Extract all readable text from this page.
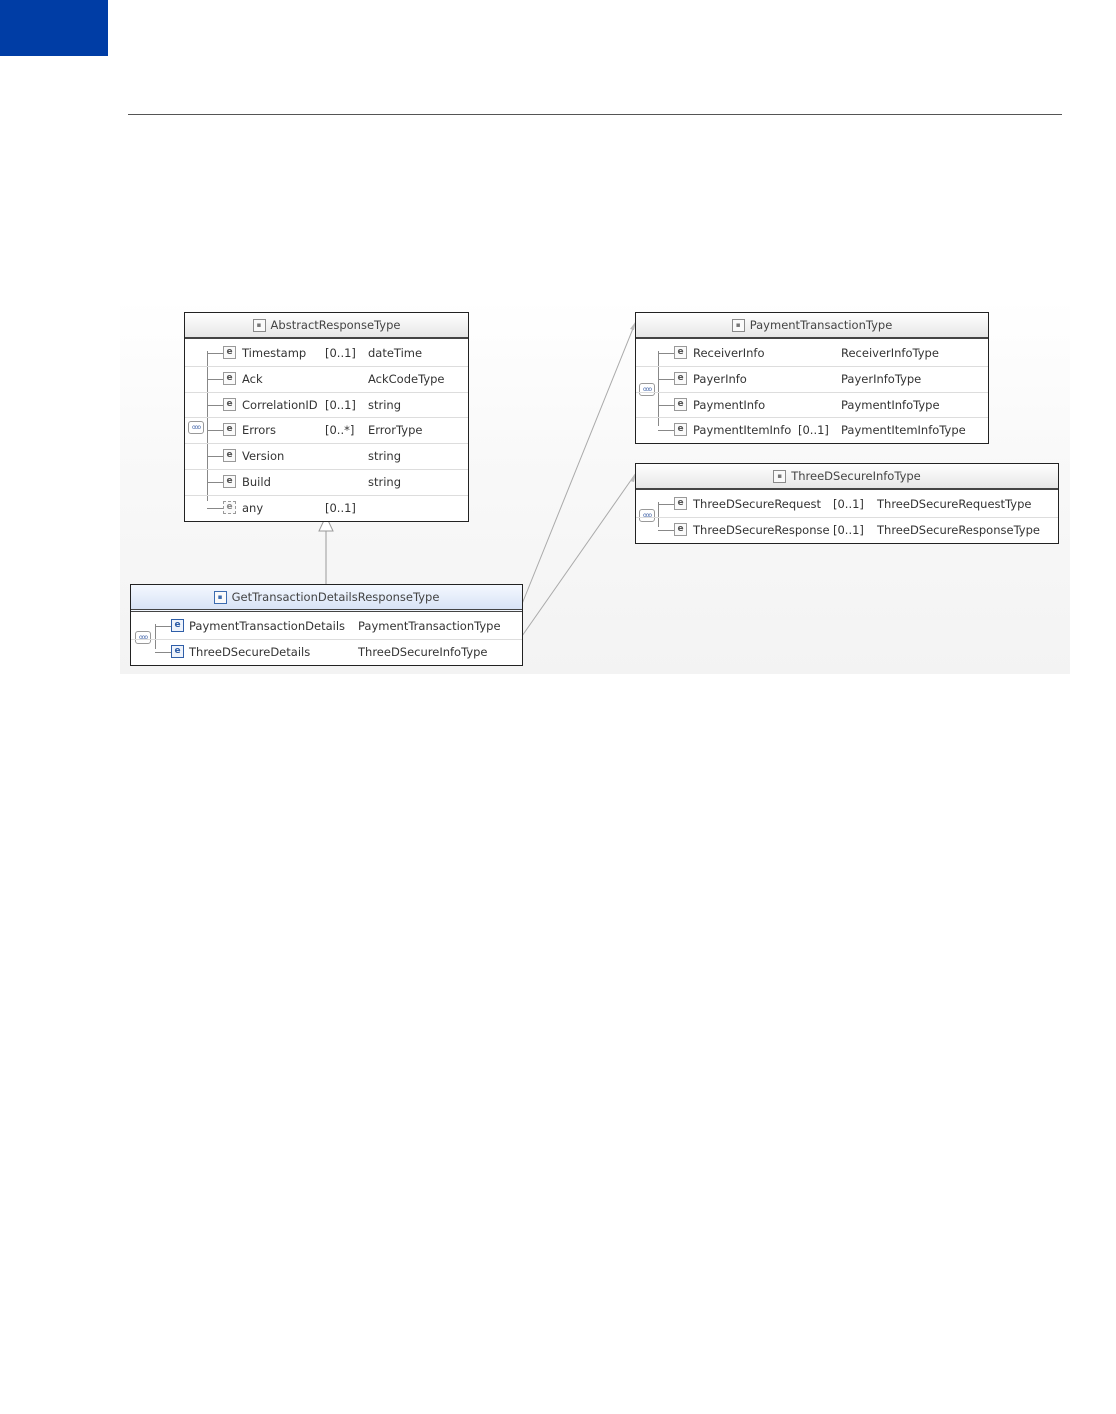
▪ AbstractResponseType
ooo
e Timestamp [0..1] dateTime
e Ack	AckCodeType
e CorrelationID [0..1] string
e Errors	[0..*] ErrorType
e Version	string
e Build	string
e any	[0..1]
▪ PaymentTransactionType
ooo
e ReceiverInfo	ReceiverInfoType
e PayerInfo	PayerInfoType
e PaymentInfo	PaymentInfoType
e PaymentItemInfo [0..1] PaymentItemInfoType
▪ ThreeDSecureInfoType
ooo
e ThreeDSecureRequest [0..1] ThreeDSecureRequestType
e ThreeDSecureResponse [0..1] ThreeDSecureResponseType
▪ GetTransactionDetailsResponseType
ooo
e PaymentTransactionDetails PaymentTransactionType
e ThreeDSecureDetails	ThreeDSecureInfoType
